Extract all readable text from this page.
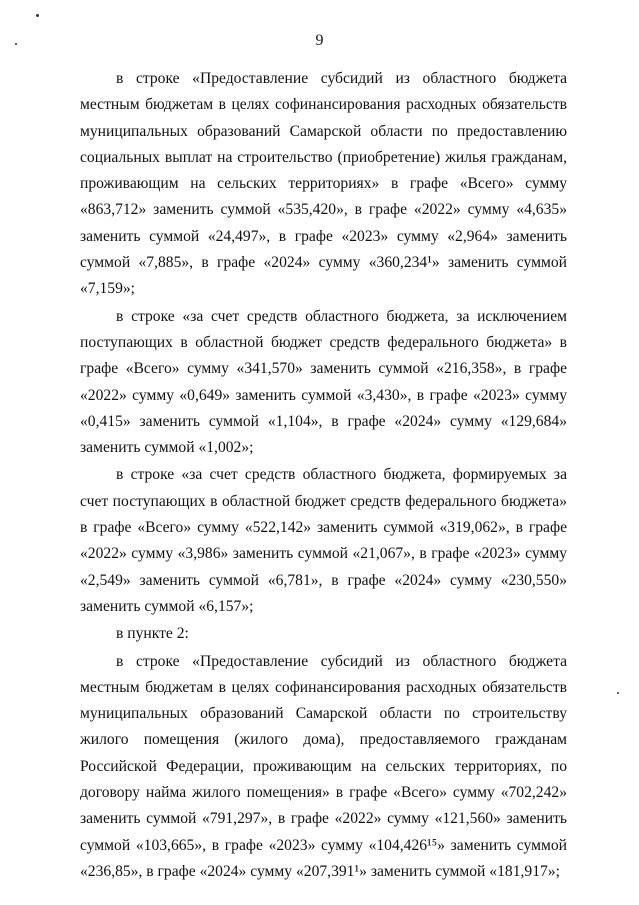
9

в строке «Предоставление субсидий из областного бюджета местным бюджетам в целях софинансирования расходных обязательств муниципальных образований Самарской области по предоставлению социальных выплат на строительство (приобретение) жилья гражданам, проживающим на сельских территориях» в графе «Всего» сумму «863,712» заменить суммой «535,420», в графе «2022» сумму «4,635» заменить суммой «24,497», в графе «2023» сумму «2,964» заменить суммой «7,885», в графе «2024» сумму «360,234¹» заменить суммой «7,159»;

в строке «за счет средств областного бюджета, за исключением поступающих в областной бюджет средств федерального бюджета» в графе «Всего» сумму «341,570» заменить суммой «216,358», в графе «2022» сумму «0,649» заменить суммой «3,430», в графе «2023» сумму «0,415» заменить суммой «1,104», в графе «2024» сумму «129,684» заменить суммой «1,002»;

в строке «за счет средств областного бюджета, формируемых за счет поступающих в областной бюджет средств федерального бюджета» в графе «Всего» сумму «522,142» заменить суммой «319,062», в графе «2022» сумму «3,986» заменить суммой «21,067», в графе «2023» сумму «2,549» заменить суммой «6,781», в графе «2024» сумму «230,550» заменить суммой «6,157»;

в пункте 2:

в строке «Предоставление субсидий из областного бюджета местным бюджетам в целях софинансирования расходных обязательств муниципальных образований Самарской области по строительству жилого помещения (жилого дома), предоставляемого гражданам Российской Федерации, проживающим на сельских территориях, по договору найма жилого помещения» в графе «Всего» сумму «702,242» заменить суммой «791,297», в графе «2022» сумму «121,560» заменить суммой «103,665», в графе «2023» сумму «104,426¹⁵» заменить суммой «236,85», в графе «2024» сумму «207,391¹» заменить суммой «181,917»;
